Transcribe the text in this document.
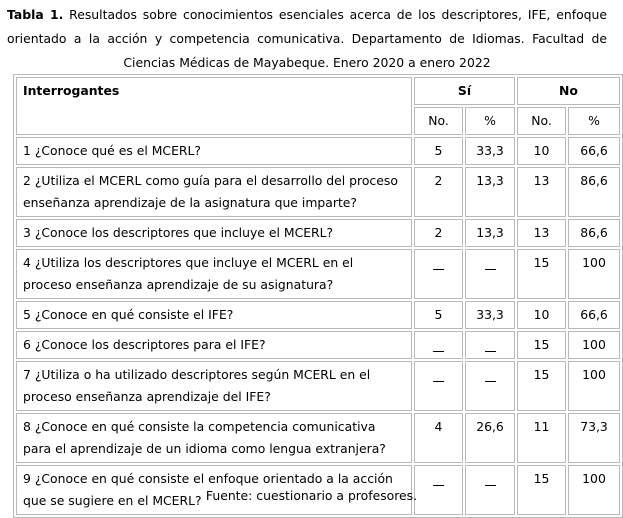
Tabla 1. Resultados sobre conocimientos esenciales acerca de los descriptores, IFE, enfoque
orientado a la acción y competencia comunicativa. Departamento de Idiomas. Facultad de
Ciencias Médicas de Mayabeque. Enero 2020 a enero 2022
Interrogantes	Sí		No	
	No.	%	No.	%

1 ¿Conoce qué es el MCERL?	5	33,3	10	66,6

2 ¿Utiliza el MCERL como guía para el desarrollo del proceso
enseñanza aprendizaje de la asignatura que imparte?	2	13,3	13	86,6

3 ¿Conoce los descriptores que incluye el MCERL?	2	13,3	13	86,6

4 ¿Utiliza los descriptores que incluye el MCERL en el
proceso enseñanza aprendizaje de su asignatura?			15	100

5 ¿Conoce en qué consiste el IFE?	5	33,3	10	66,6

6 ¿Conoce los descriptores para el IFE?			15	100

7 ¿Utiliza o ha utilizado descriptores según MCERL en el
proceso enseñanza aprendizaje del IFE?			15	100

8 ¿Conoce en qué consiste la competencia comunicativa
para el aprendizaje de un idioma como lengua extranjera?	4	26,6	11	73,3

9 ¿Conoce en qué consiste el enfoque orientado a la acción
que se sugiere en el MCERL?			15	100
Fuente: cuestionario a profesores.
